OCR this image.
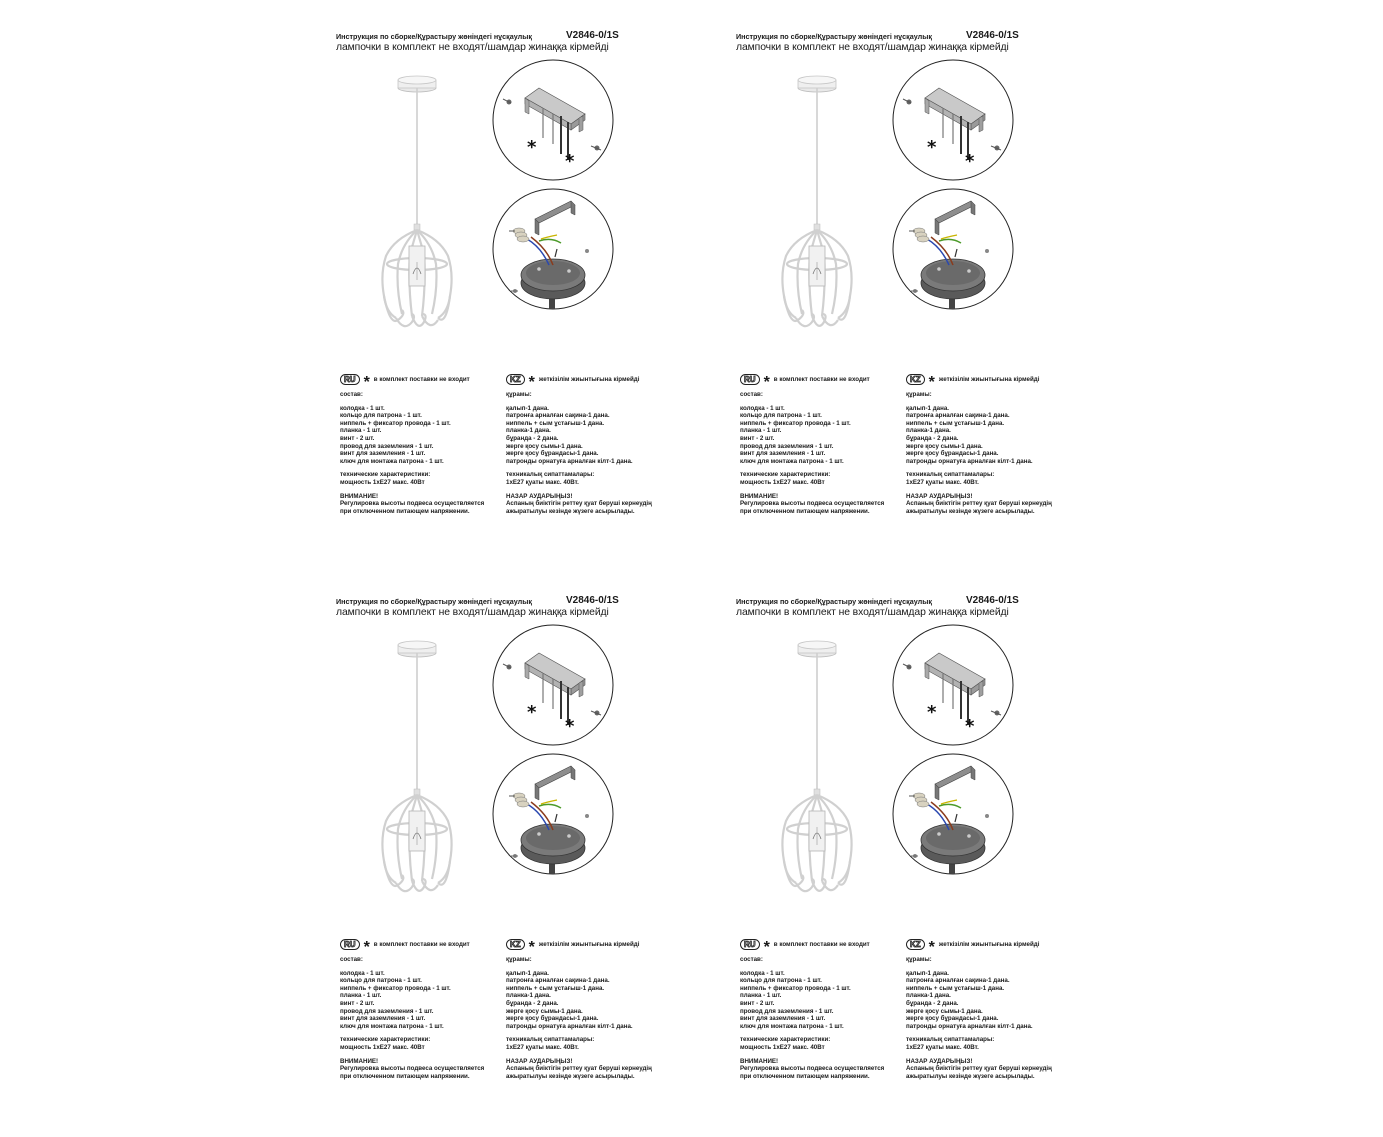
Инструкция по сборке/Құрастыру жөніндегі нұсқаулық	V2846-0/1S
лампочки в комплект не входят/шамдар жинаққа кірмейді
*
*
RU * в комплект поставки не входит

состав:

колодка - 1 шт.
кольцо для патрона - 1 шт.
ниппель + фиксатор провода - 1 шт.
планка - 1 шт.
винт - 2 шт.
провод для заземления - 1 шт.
винт для заземления - 1 шт.
ключ для монтажа патрона - 1 шт.

технические характеристики:
мощность 1хЕ27 макс. 40Вт

ВНИМАНИЕ!
Регулировка высоты подвеса осуществляется
при отключенном питающем напряжении.

KZ * жеткізілім жиынтығына кірмейді

құрамы:

қалып-1 дана.
патронға арналған сақина-1 дана.
ниппель + сым ұстағыш-1 дана.
планка-1 дана.
бұранда - 2 дана.
жерге қосу сымы-1 дана.
жерге қосу бұрандасы-1 дана.
патронды орнатуға арналған кілт-1 дана.

техникалық сипаттамалары:
1хЕ27 қуаты макс. 40Вт.

НАЗАР АУДАРЫҢЫЗ!
Аспаның биіктігін реттеу қуат беруші кернеудің
ажыратылуы кезінде жүзеге асырылады.

Инструкция по сборке/Құрастыру жөніндегі нұсқаулық	V2846-0/1S
лампочки в комплект не входят/шамдар жинаққа кірмейді
*
*
RU * в комплект поставки не входит

состав:

колодка - 1 шт.
кольцо для патрона - 1 шт.
ниппель + фиксатор провода - 1 шт.
планка - 1 шт.
винт - 2 шт.
провод для заземления - 1 шт.
винт для заземления - 1 шт.
ключ для монтажа патрона - 1 шт.

технические характеристики:
мощность 1хЕ27 макс. 40Вт

ВНИМАНИЕ!
Регулировка высоты подвеса осуществляется
при отключенном питающем напряжении.

KZ * жеткізілім жиынтығына кірмейді

құрамы:

қалып-1 дана.
патронға арналған сақина-1 дана.
ниппель + сым ұстағыш-1 дана.
планка-1 дана.
бұранда - 2 дана.
жерге қосу сымы-1 дана.
жерге қосу бұрандасы-1 дана.
патронды орнатуға арналған кілт-1 дана.

техникалық сипаттамалары:
1хЕ27 қуаты макс. 40Вт.

НАЗАР АУДАРЫҢЫЗ!
Аспаның биіктігін реттеу қуат беруші кернеудің
ажыратылуы кезінде жүзеге асырылады.

Инструкция по сборке/Құрастыру жөніндегі нұсқаулық	V2846-0/1S
лампочки в комплект не входят/шамдар жинаққа кірмейді
*
*
RU * в комплект поставки не входит

состав:

колодка - 1 шт.
кольцо для патрона - 1 шт.
ниппель + фиксатор провода - 1 шт.
планка - 1 шт.
винт - 2 шт.
провод для заземления - 1 шт.
винт для заземления - 1 шт.
ключ для монтажа патрона - 1 шт.

технические характеристики:
мощность 1хЕ27 макс. 40Вт

ВНИМАНИЕ!
Регулировка высоты подвеса осуществляется
при отключенном питающем напряжении.

KZ * жеткізілім жиынтығына кірмейді

құрамы:

қалып-1 дана.
патронға арналған сақина-1 дана.
ниппель + сым ұстағыш-1 дана.
планка-1 дана.
бұранда - 2 дана.
жерге қосу сымы-1 дана.
жерге қосу бұрандасы-1 дана.
патронды орнатуға арналған кілт-1 дана.

техникалық сипаттамалары:
1хЕ27 қуаты макс. 40Вт.

НАЗАР АУДАРЫҢЫЗ!
Аспаның биіктігін реттеу қуат беруші кернеудің
ажыратылуы кезінде жүзеге асырылады.

Инструкция по сборке/Құрастыру жөніндегі нұсқаулық	V2846-0/1S
лампочки в комплект не входят/шамдар жинаққа кірмейді
*
*
RU * в комплект поставки не входит

состав:

колодка - 1 шт.
кольцо для патрона - 1 шт.
ниппель + фиксатор провода - 1 шт.
планка - 1 шт.
винт - 2 шт.
провод для заземления - 1 шт.
винт для заземления - 1 шт.
ключ для монтажа патрона - 1 шт.

технические характеристики:
мощность 1хЕ27 макс. 40Вт

ВНИМАНИЕ!
Регулировка высоты подвеса осуществляется
при отключенном питающем напряжении.

KZ * жеткізілім жиынтығына кірмейді

құрамы:

қалып-1 дана.
патронға арналған сақина-1 дана.
ниппель + сым ұстағыш-1 дана.
планка-1 дана.
бұранда - 2 дана.
жерге қосу сымы-1 дана.
жерге қосу бұрандасы-1 дана.
патронды орнатуға арналған кілт-1 дана.

техникалық сипаттамалары:
1хЕ27 қуаты макс. 40Вт.

НАЗАР АУДАРЫҢЫЗ!
Аспаның биіктігін реттеу қуат беруші кернеудің
ажыратылуы кезінде жүзеге асырылады.
